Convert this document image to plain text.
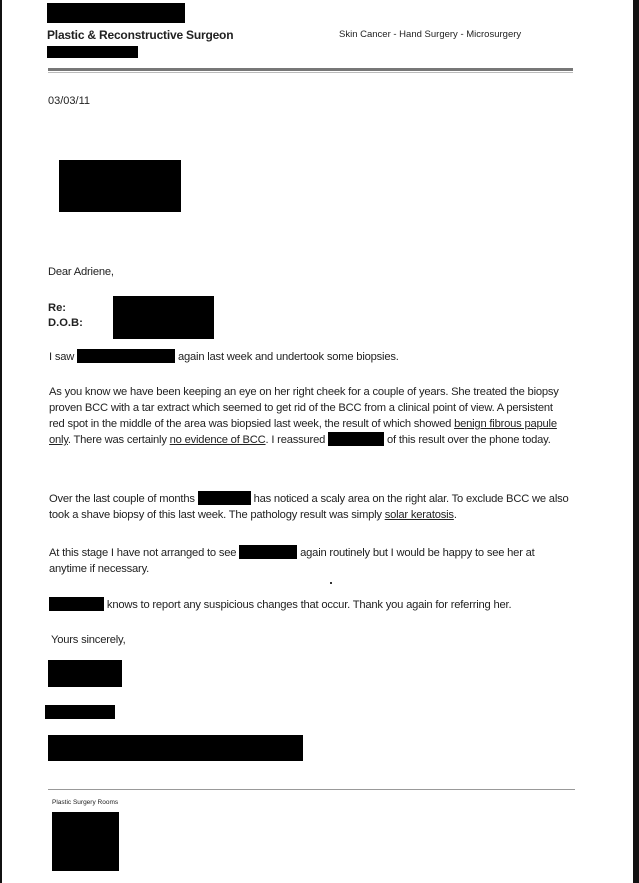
Plastic & Reconstructive Surgeon	Skin Cancer - Hand Surgery - Microsurgery
03/03/11
Dear Adriene,
Re:
D.O.B:
I saw	again last week and undertook some biopsies.
As you know we have been keeping an eye on her right cheek for a couple of years. She treated the biopsy proven BCC with a tar extract which seemed to get rid of the BCC from a clinical point of view. A persistent red spot in the middle of the area was biopsied last week, the result of which showed benign fibrous papule only. There was certainly no evidence of BCC. I reassured	of this result over the phone today.
Over the last couple of months	has noticed a scaly area on the right alar. To exclude BCC we also took a shave biopsy of this last week. The pathology result was simply solar keratosis.
At this stage I have not arranged to see	again routinely but I would be happy to see her at anytime if necessary.
knows to report any suspicious changes that occur. Thank you again for referring her.
Yours sincerely,
Plastic Surgery Rooms
